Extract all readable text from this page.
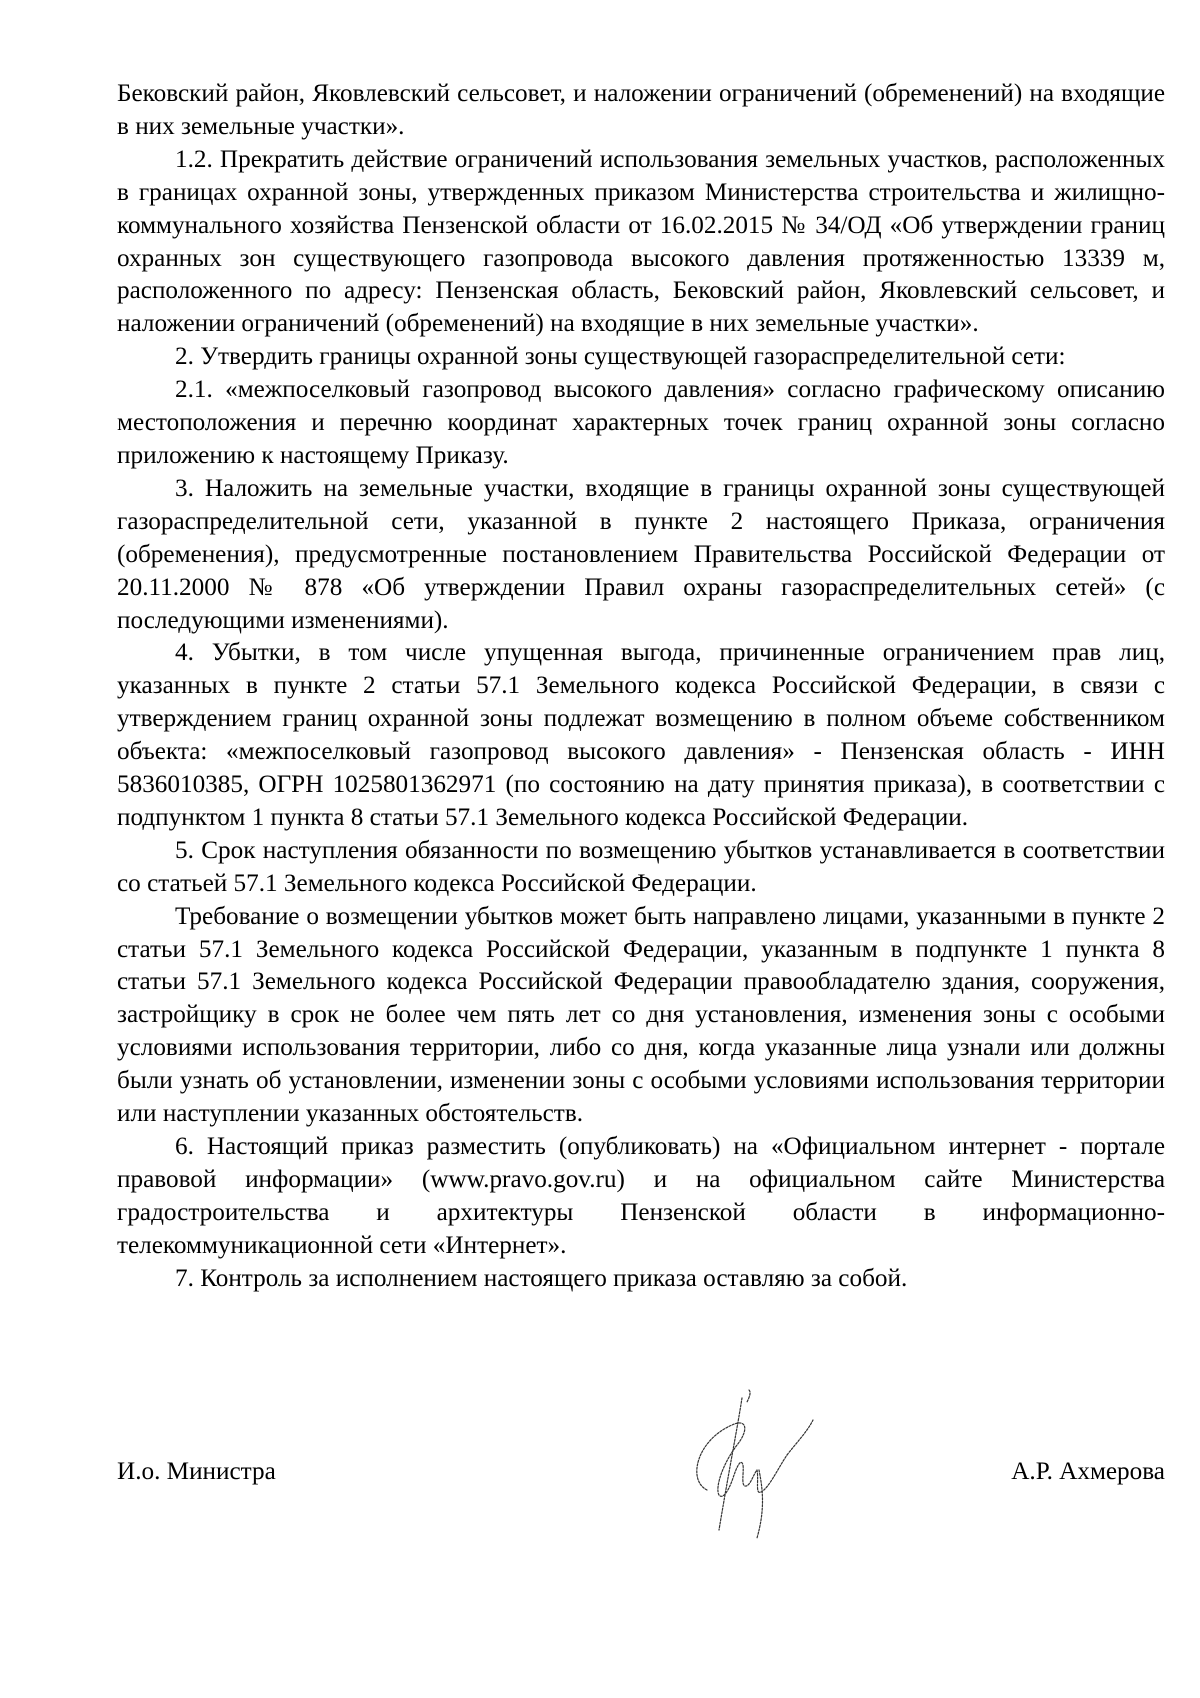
Бековский район, Яковлевский сельсовет, и наложении ограничений (обременений) на входящие в них земельные участки».

1.2. Прекратить действие ограничений использования земельных участков, расположенных в границах охранной зоны, утвержденных приказом Министерства строительства и жилищно-коммунального хозяйства Пензенской области от 16.02.2015 № 34/ОД «Об утверждении границ охранных зон существующего газопровода высокого давления протяженностью 13339 м, расположенного по адресу: Пензенская область, Бековский район, Яковлевский сельсовет, и наложении ограничений (обременений) на входящие в них земельные участки».

2. Утвердить границы охранной зоны существующей газораспределительной сети:

2.1. «межпоселковый газопровод высокого давления» согласно графическому описанию местоположения и перечню координат характерных точек границ охранной зоны согласно приложению к настоящему Приказу.

3. Наложить на земельные участки, входящие в границы охранной зоны существующей газораспределительной сети, указанной в пункте 2 настоящего Приказа, ограничения (обременения), предусмотренные постановлением Правительства Российской Федерации от 20.11.2000 № 878 «Об утверждении Правил охраны газораспределительных сетей» (с последующими изменениями).

4. Убытки, в том числе упущенная выгода, причиненные ограничением прав лиц, указанных в пункте 2 статьи 57.1 Земельного кодекса Российской Федерации, в связи с утверждением границ охранной зоны подлежат возмещению в полном объеме собственником объекта: «межпоселковый газопровод высокого давления» - Пензенская область - ИНН 5836010385, ОГРН 1025801362971 (по состоянию на дату принятия приказа), в соответствии с подпунктом 1 пункта 8 статьи 57.1 Земельного кодекса Российской Федерации.

5. Срок наступления обязанности по возмещению убытков устанавливается в соответствии со статьей 57.1 Земельного кодекса Российской Федерации.

Требование о возмещении убытков может быть направлено лицами, указанными в пункте 2 статьи 57.1 Земельного кодекса Российской Федерации, указанным в подпункте 1 пункта 8 статьи 57.1 Земельного кодекса Российской Федерации правообладателю здания, сооружения, застройщику в срок не более чем пять лет со дня установления, изменения зоны с особыми условиями использования территории, либо со дня, когда указанные лица узнали или должны были узнать об установлении, изменении зоны с особыми условиями использования территории или наступлении указанных обстоятельств.

6. Настоящий приказ разместить (опубликовать) на «Официальном интернет - портале правовой информации» (www.pravo.gov.ru) и на официальном сайте Министерства градостроительства и архитектуры Пензенской области в информационно-телекоммуникационной сети «Интернет».

7. Контроль за исполнением настоящего приказа оставляю за собой.

И.о. Министра	А.Р. Ахмерова
